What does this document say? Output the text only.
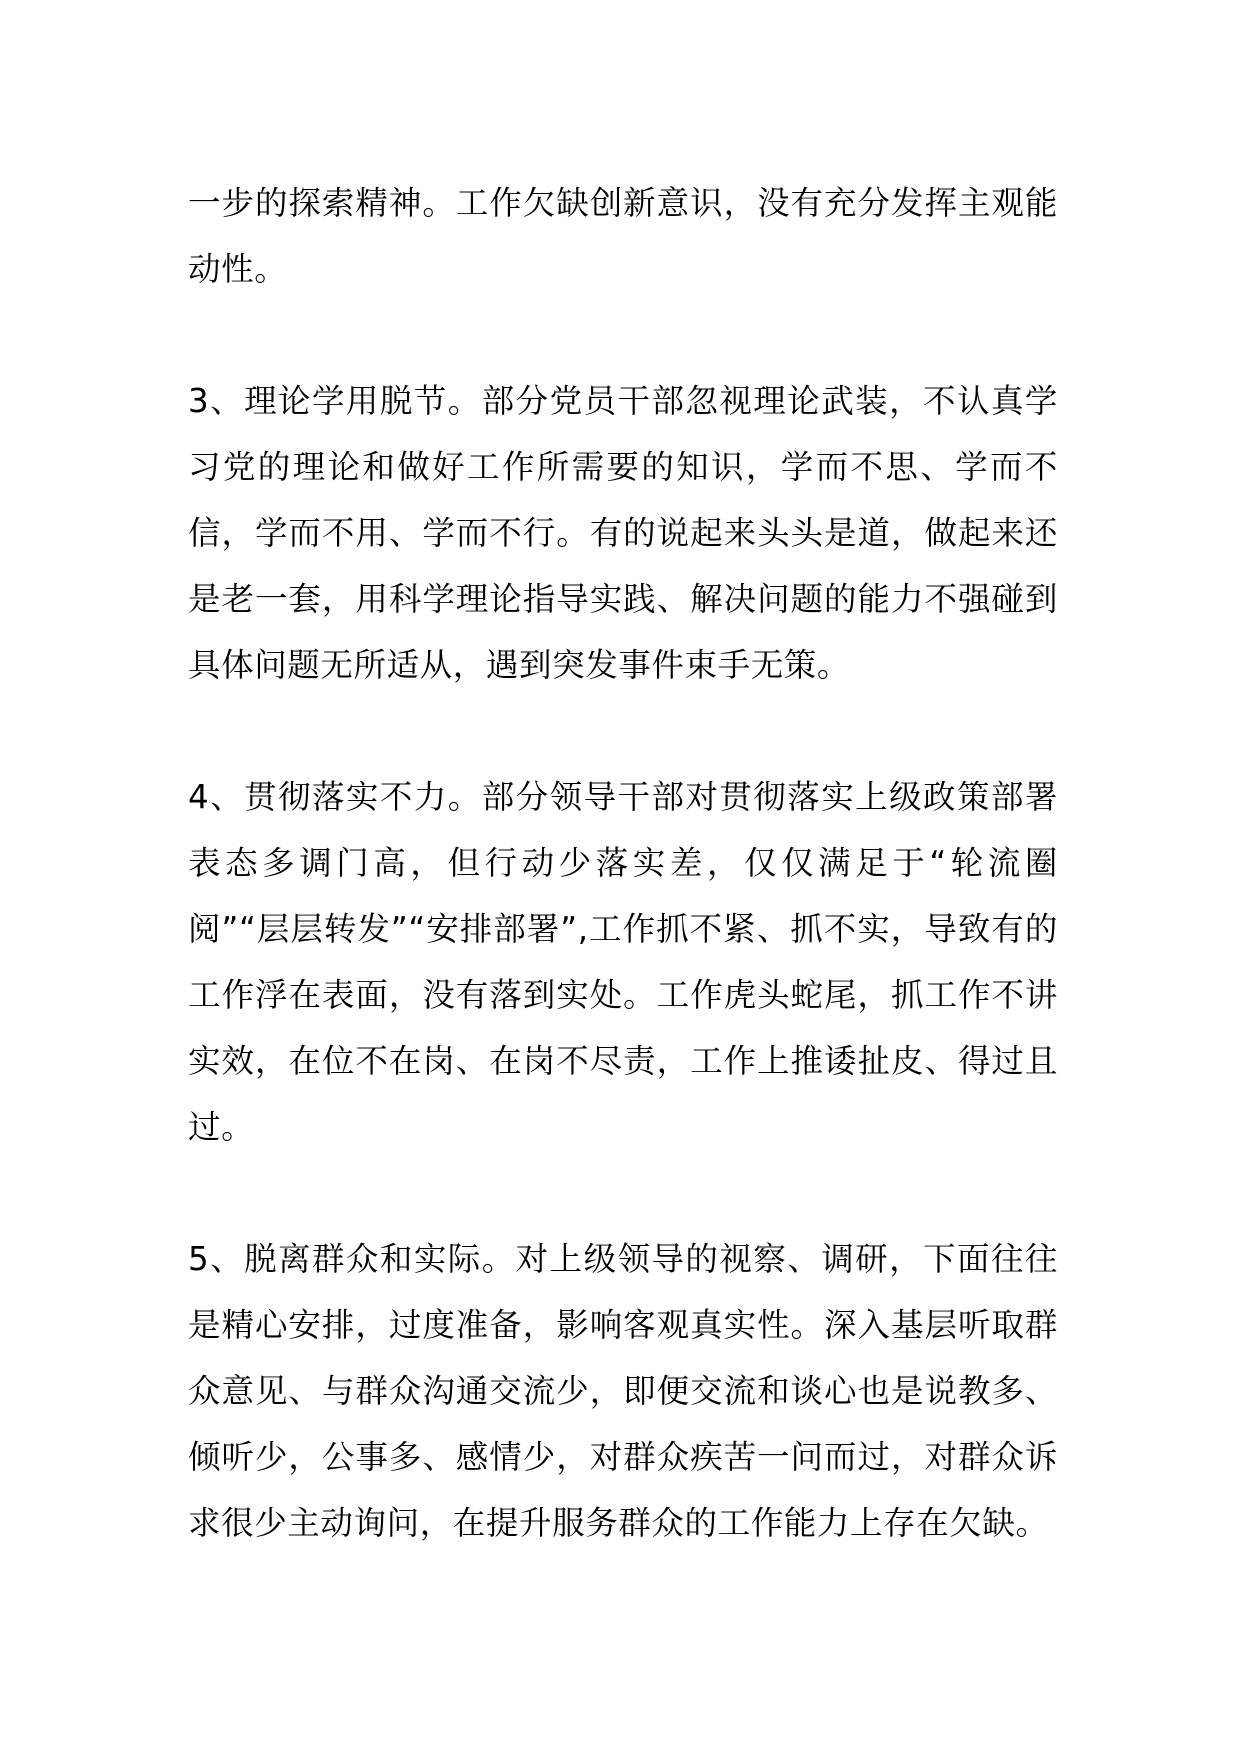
一步的探索精神。工作欠缺创新意识，没有充分发挥主观能动性。

3、理论学用脱节。部分党员干部忽视理论武装，不认真学习党的理论和做好工作所需要的知识，学而不思、学而不信，学而不用、学而不行。有的说起来头头是道，做起来还是老一套，用科学理论指导实践、解决问题的能力不强碰到具体问题无所适从，遇到突发事件束手无策。

4、贯彻落实不力。部分领导干部对贯彻落实上级政策部署表态多调门高，但行动少落实差，仅仅满足于“轮流圈阅”“层层转发”“安排部署”,工作抓不紧、抓不实，导致有的工作浮在表面，没有落到实处。工作虎头蛇尾，抓工作不讲实效，在位不在岗、在岗不尽责，工作上推诿扯皮、得过且过。

5、脱离群众和实际。对上级领导的视察、调研，下面往往是精心安排，过度准备，影响客观真实性。深入基层听取群众意见、与群众沟通交流少，即便交流和谈心也是说教多、倾听少，公事多、感情少，对群众疾苦一问而过，对群众诉求很少主动询问，在提升服务群众的工作能力上存在欠缺。
